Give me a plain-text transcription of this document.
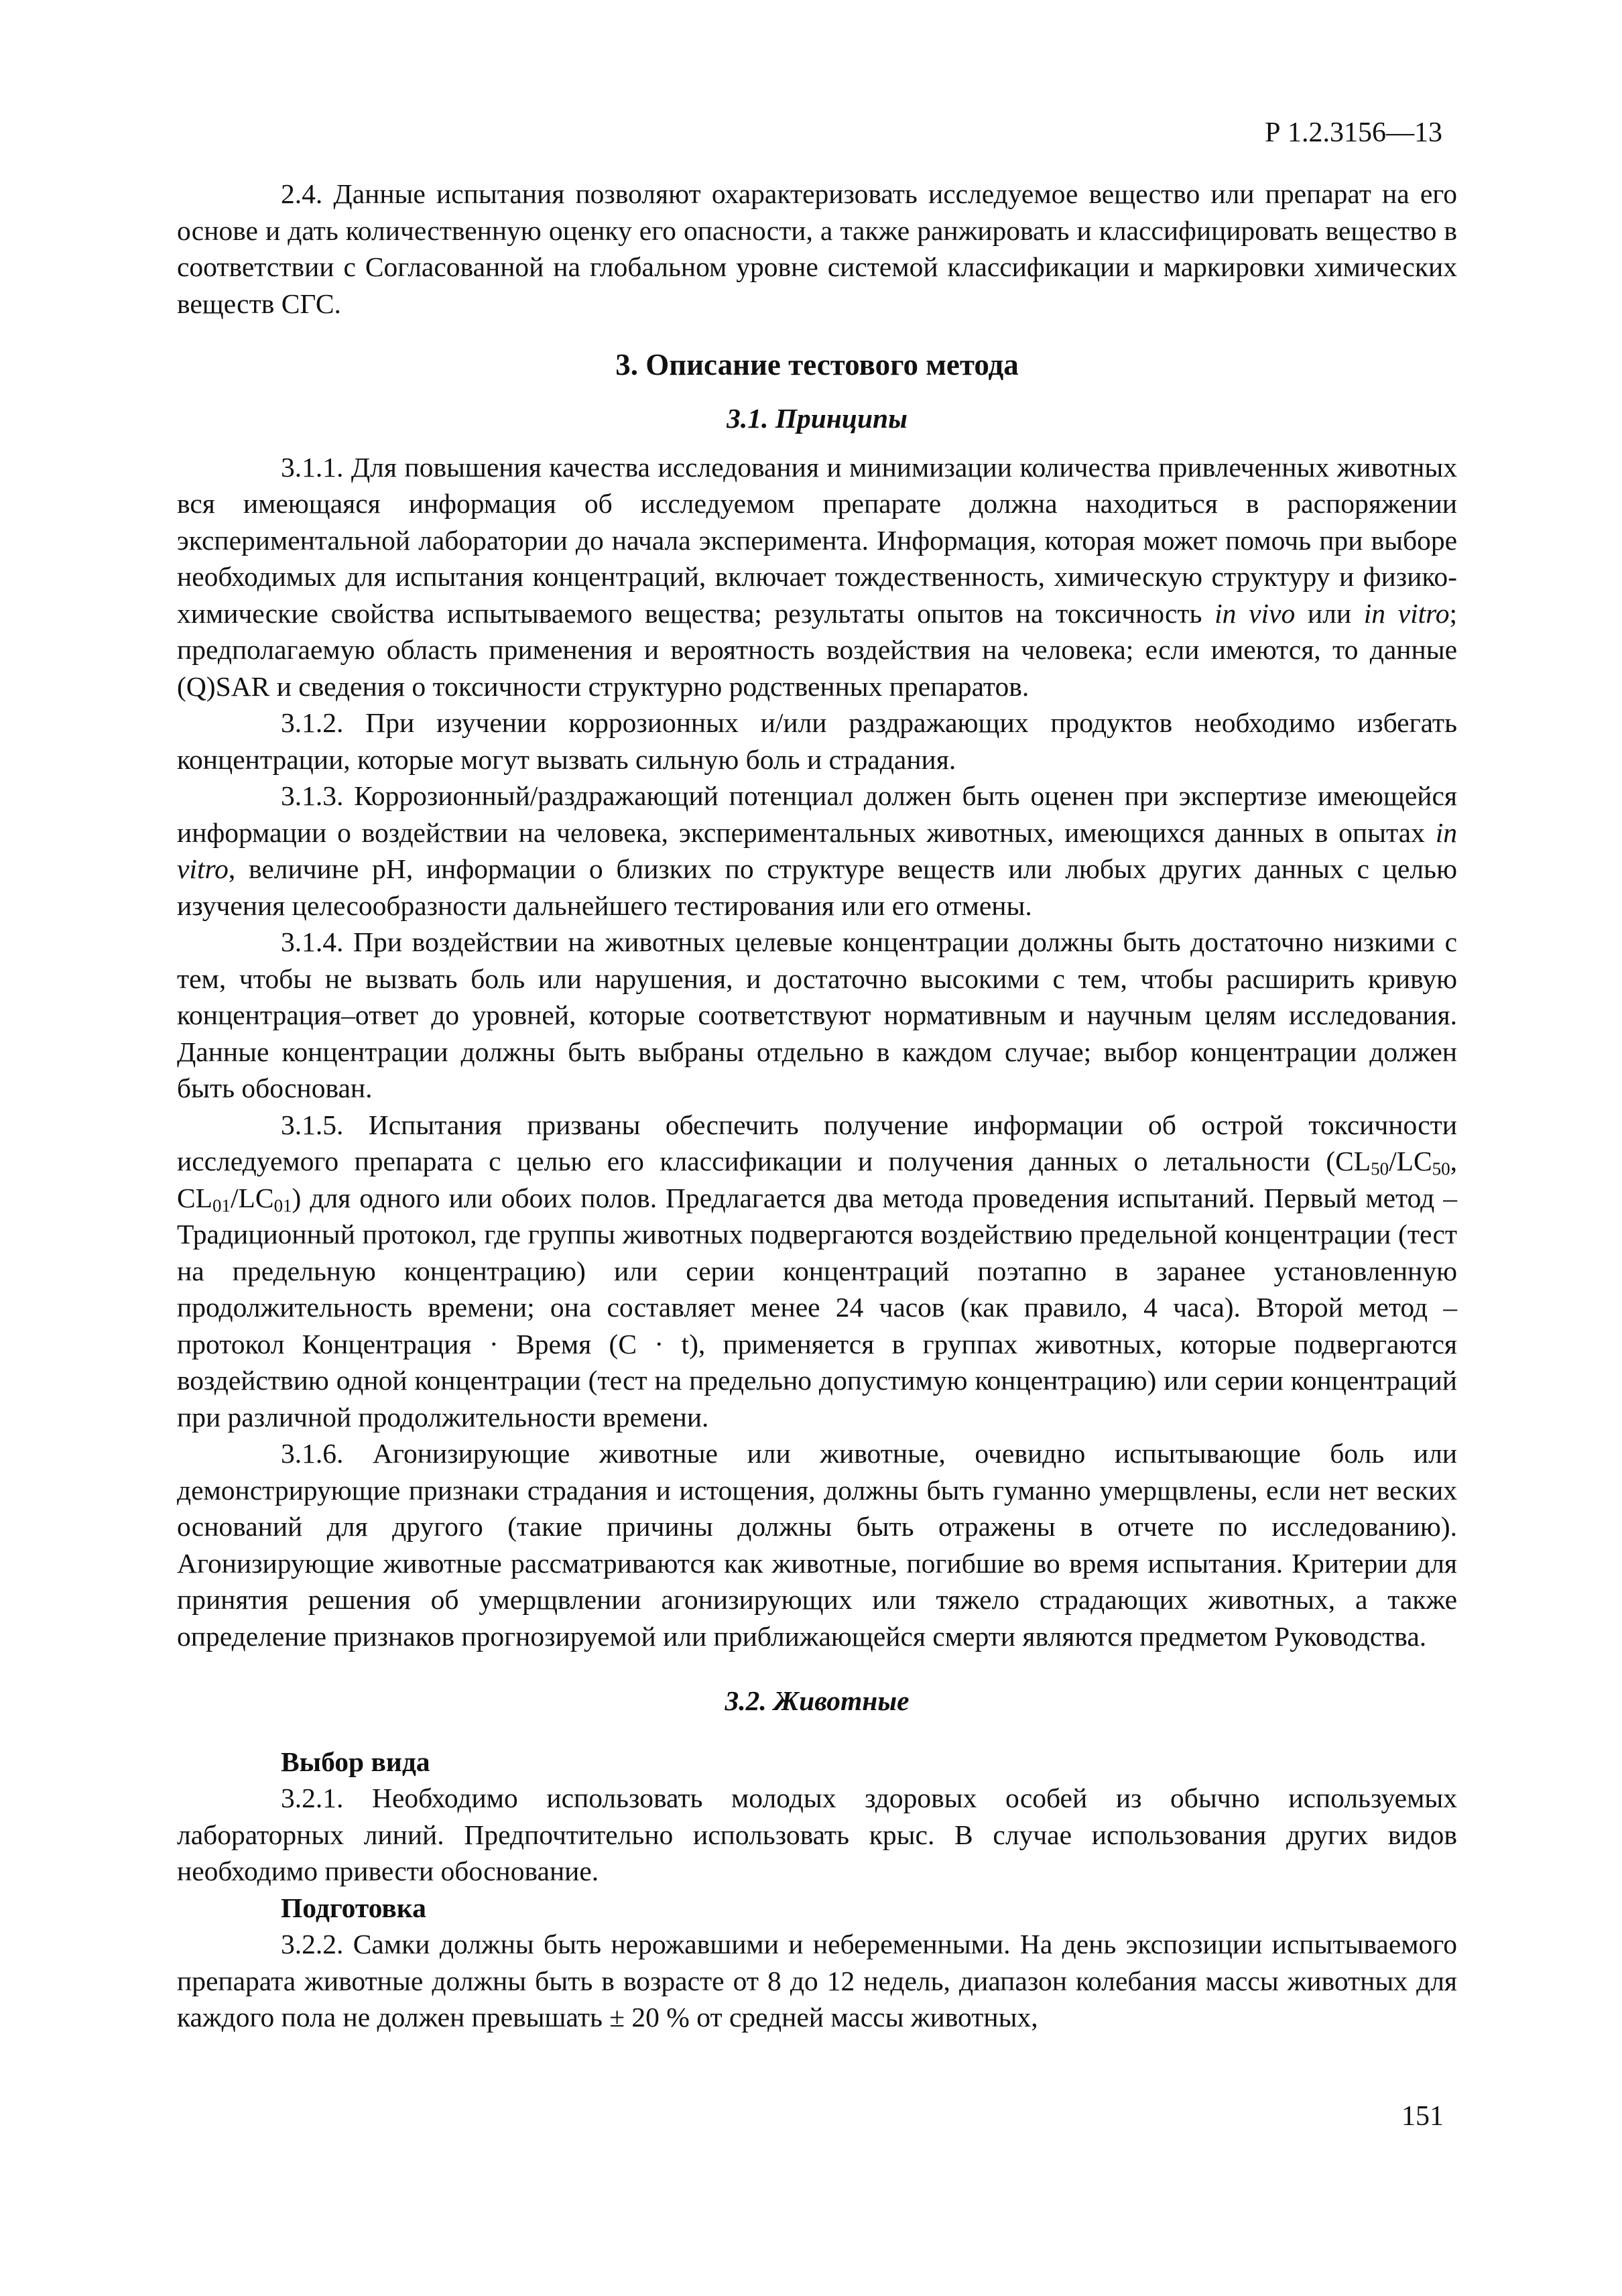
Р 1.2.3156—13

2.4. Данные испытания позволяют охарактеризовать исследуемое вещество или препарат на его основе и дать количественную оценку его опасности, а также ранжировать и классифицировать вещество в соответствии с Согласованной на глобальном уровне системой классификации и маркировки химических веществ СГС.

3. Описание тестового метода
3.1. Принципы

3.1.1. Для повышения качества исследования и минимизации количества привлеченных животных вся имеющаяся информация об исследуемом препарате должна находиться в распоряжении экспериментальной лаборатории до начала эксперимента. Информация, которая может помочь при выборе необходимых для испытания концентраций, включает тождественность, химическую структуру и физико-химические свойства испытываемого вещества; результаты опытов на токсичность in vivo или in vitro; предполагаемую область применения и вероятность воздействия на человека; если имеются, то данные (Q)SAR и сведения о токсичности структурно родственных препаратов.

3.1.2. При изучении коррозионных и/или раздражающих продуктов необходимо избегать концентрации, которые могут вызвать сильную боль и страдания.

3.1.3. Коррозионный/раздражающий потенциал должен быть оценен при экспертизе имеющейся информации о воздействии на человека, экспериментальных животных, имеющихся данных в опытах in vitro, величине рН, информации о близких по структуре веществ или любых других данных с целью изучения целесообразности дальнейшего тестирования или его отмены.

3.1.4. При воздействии на животных целевые концентрации должны быть достаточно низкими с тем, чтобы не вызвать боль или нарушения, и достаточно высокими с тем, чтобы расширить кривую концентрация–ответ до уровней, которые соответствуют нормативным и научным целям исследования. Данные концентрации должны быть выбраны отдельно в каждом случае; выбор концентрации должен быть обоснован.

3.1.5. Испытания призваны обеспечить получение информации об острой токсичности исследуемого препарата с целью его классификации и получения данных о летальности ($CL_{50}/LC_{50}$, $CL_{01}/LC_{01}$) для одного или обоих полов. Предлагается два метода проведения испытаний. Первый метод – Традиционный протокол, где группы животных подвергаются воздействию предельной концентрации (тест на предельную концентрацию) или серии концентраций поэтапно в заранее установленную продолжительность времени; она составляет менее 24 часов (как правило, 4 часа). Второй метод – протокол Концентрация · Время (C · t), применяется в группах животных, которые подвергаются воздействию одной концентрации (тест на предельно допустимую концентрацию) или серии концентраций при различной продолжительности времени.

3.1.6. Агонизирующие животные или животные, очевидно испытывающие боль или демонстрирующие признаки страдания и истощения, должны быть гуманно умерщвлены, если нет веских оснований для другого (такие причины должны быть отражены в отчете по исследованию). Агонизирующие животные рассматриваются как животные, погибшие во время испытания. Критерии для принятия решения об умерщвлении агонизирующих или тяжело страдающих животных, а также определение признаков прогнозируемой или приближающейся смерти являются предметом Руководства.

3.2. Животные
Выбор вида

3.2.1. Необходимо использовать молодых здоровых особей из обычно используемых лабораторных линий. Предпочтительно использовать крыс. В случае использования других видов необходимо привести обоснование.

Подготовка

3.2.2. Самки должны быть нерожавшими и небеременными. На день экспозиции испытываемого препарата животные должны быть в возрасте от 8 до 12 недель, диапазон колебания массы животных для каждого пола не должен превышать ± 20 % от средней массы животных,

151
